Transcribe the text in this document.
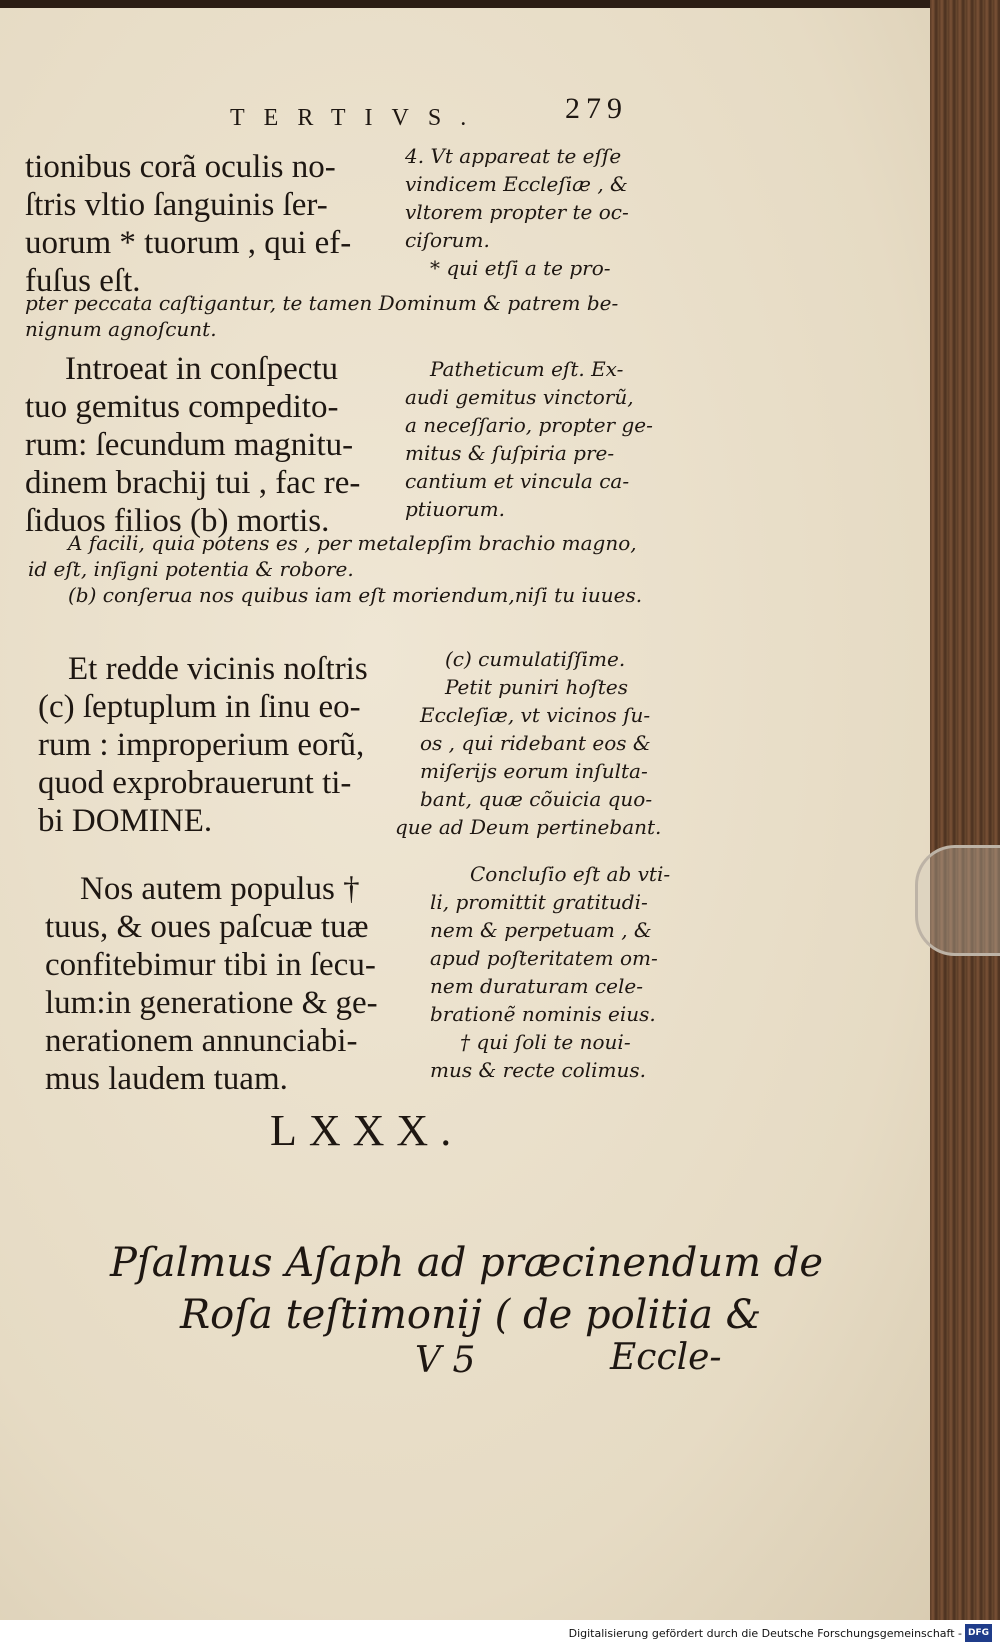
TERTIVS.	279
tionibus corã oculis no-
ſtris vltio ſanguinis ſer-
uorum * tuorum , qui ef-
fuſus eſt.
4. Vt appareat te eſſe
vindicem Eccleſiæ , &
vltorem propter te oc-
ciſorum.
* qui etſi a te pro-
pter peccata caſtigantur, te tamen Dominum & patrem be-
nignum agnoſcunt.
Introeat in conſpectu
tuo gemitus compedito-
rum: ſecundum magnitu-
dinem brachij tui , fac re-
ſiduos filios (b) mortis.
Patheticum eſt. Ex-
audi gemitus vinctorũ,
a neceſſario, propter ge-
mitus & ſuſpiria pre-
cantium et vincula ca-
ptiuorum.
A facili, quia potens es , per metalepſim brachio magno,
id eſt, inſigni potentia & robore.
(b) conſerua nos quibus iam eſt moriendum,niſi tu iuues.
Et redde vicinis noſtris
(c) ſeptuplum in ſinu eo-
rum : improperium eorũ,
quod exprobrauerunt ti-
bi DOMINE.
(c) cumulatiſſime.
Petit puniri hoſtes
Eccleſiæ, vt vicinos ſu-
os , qui ridebant eos &
miſerijs eorum inſulta-
bant, quæ cõuicia quo-
que ad Deum pertinebant.
Nos autem populus †
tuus, & oues paſcuæ tuæ
confitebimur tibi in ſecu-
lum:in generatione & ge-
nerationem annunciabi-
mus laudem tuam.
Concluſio eſt ab vti-
li, promittit gratitudi-
nem & perpetuam , &
apud poſteritatem om-
nem duraturam cele-
brationẽ nominis eius.
† qui ſoli te noui-
mus & recte colimus.
LXXX.
Pſalmus Aſaph ad præcinendum de
Roſa teſtimonij ( de politia &
V 5	Eccle-
Digitalisierung gefördert durch die Deutsche Forschungsgemeinschaft - DFG
